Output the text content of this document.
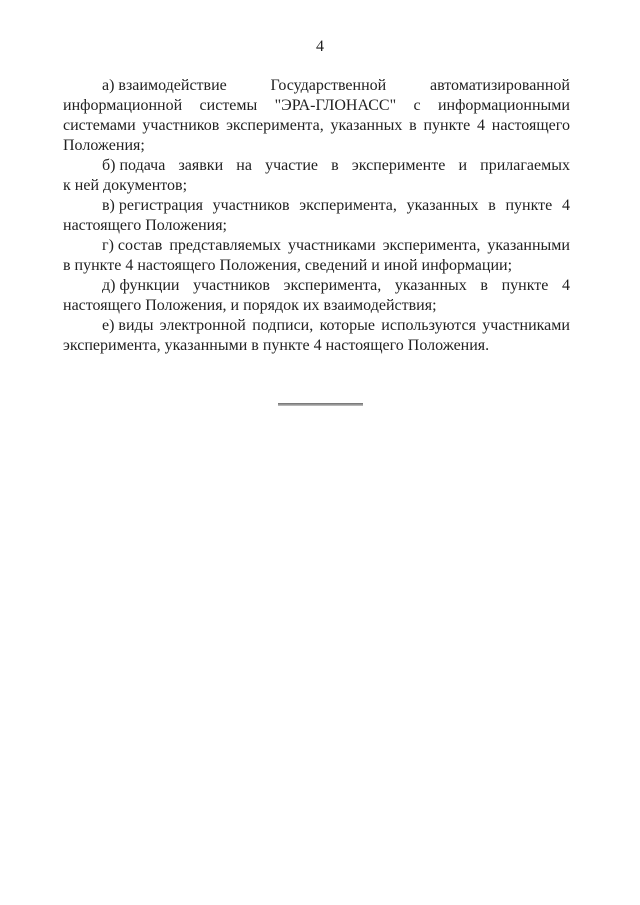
4
а) взаимодействие	Государственной	автоматизированной
информационной системы "ЭРА-ГЛОНАСС" с информационными
системами участников эксперимента, указанных в пункте 4 настоящего
Положения;
б) подача заявки на участие в эксперименте и прилагаемых
к ней документов;
в) регистрация участников эксперимента, указанных в пункте 4
настоящего Положения;
г) состав представляемых участниками эксперимента, указанными
в пункте 4 настоящего Положения, сведений и иной информации;
д) функции участников эксперимента, указанных в пункте 4
настоящего Положения, и порядок их взаимодействия;
е) виды электронной подписи, которые используются участниками
эксперимента, указанными в пункте 4 настоящего Положения.
